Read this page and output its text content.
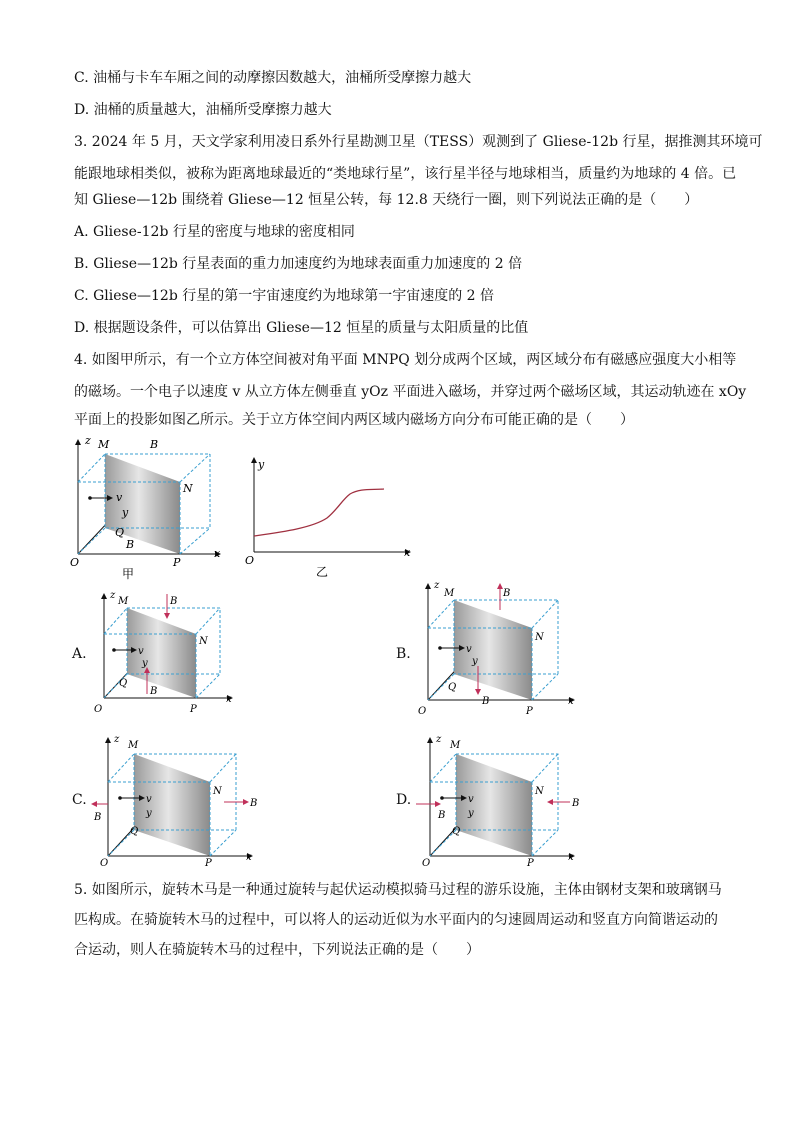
C. 油桶与卡车车厢之间的动摩擦因数越大，油桶所受摩擦力越大
D. 油桶的质量越大，油桶所受摩擦力越大
3. 2024 年 5 月，天文学家利用凌日系外行星勘测卫星（TESS）观测到了 Gliese-12b 行星，据推测其环境可
能跟地球相类似，被称为距离地球最近的“类地球行星”，该行星半径与地球相当，质量约为地球的 4 倍。已
知 Gliese—12b 围绕着 Gliese—12 恒星公转，每 12.8 天绕行一圈，则下列说法正确的是（　　）
A. Gliese-12b 行星的密度与地球的密度相同
B. Gliese—12b 行星表面的重力加速度约为地球表面重力加速度的 2 倍
C. Gliese—12b 行星的第一宇宙速度约为地球第一宇宙速度的 2 倍
D. 根据题设条件，可以估算出 Gliese—12 恒星的质量与太阳质量的比值
4. 如图甲所示，有一个立方体空间被对角平面 MNPQ 划分成两个区域，两区域分布有磁感应强度大小相等
的磁场。一个电子以速度 v 从立方体左侧垂直 yOz 平面进入磁场，并穿过两个磁场区域，其运动轨迹在 xOy
平面上的投影如图乙所示。关于立方体空间内两区域内磁场方向分布可能正确的是（　　）
5. 如图所示，旋转木马是一种通过旋转与起伏运动模拟骑马过程的游乐设施，主体由钢材支架和玻璃钢马
匹构成。在骑旋转木马的过程中，可以将人的运动近似为水平面内的匀速圆周运动和竖直方向简谐运动的
合运动，则人在骑旋转木马的过程中，下列说法正确的是（　　）
z M	B
N
v
y
Q
B
O	P
x
甲
y
x
O
乙
A.
z
M	B
N
v
y
Q
B
O	P
x
B.
z
M	B
N
v
y
Q
B
O	P
x
C.
z
M
N
v
y
B
B
Q
O	P
x
D.
z
M
N
v
y
B
B
Q
O	P
x
